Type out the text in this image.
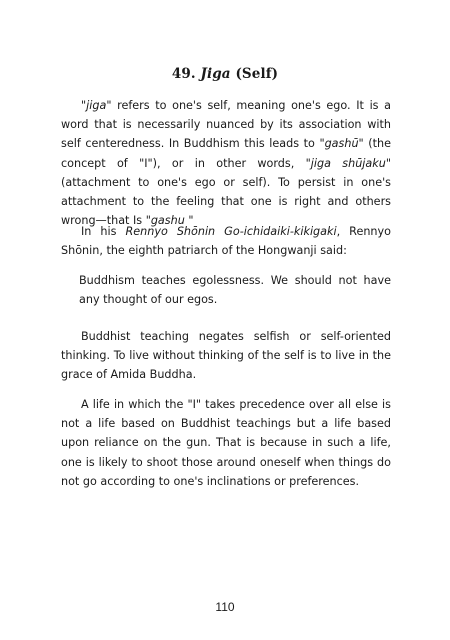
49. Jiga (Self)

"jiga" refers to one's self, meaning one's ego. It is a word that is necessarily nuanced by its association with self centeredness. In Buddhism this leads to "gashū" (the concept of "I"), or in other words, "jiga shūjaku" (attachment to one's ego or self). To persist in one's attachment to the feeling that one is right and others wrong—that Is "gashu "

In his Rennyo Shōnin Go-ichidaiki-kikigaki, Rennyo Shōnin, the eighth patriarch of the Hongwanji said:

Buddhism teaches egolessness. We should not have any thought of our egos.

Buddhist teaching negates selfish or self-oriented thinking. To live without thinking of the self is to live in the grace of Amida Buddha.

A life in which the "I" takes precedence over all else is not a life based on Buddhist teachings but a life based upon reliance on the gun. That is because in such a life, one is likely to shoot those around oneself when things do not go according to one's inclinations or preferences.

110
